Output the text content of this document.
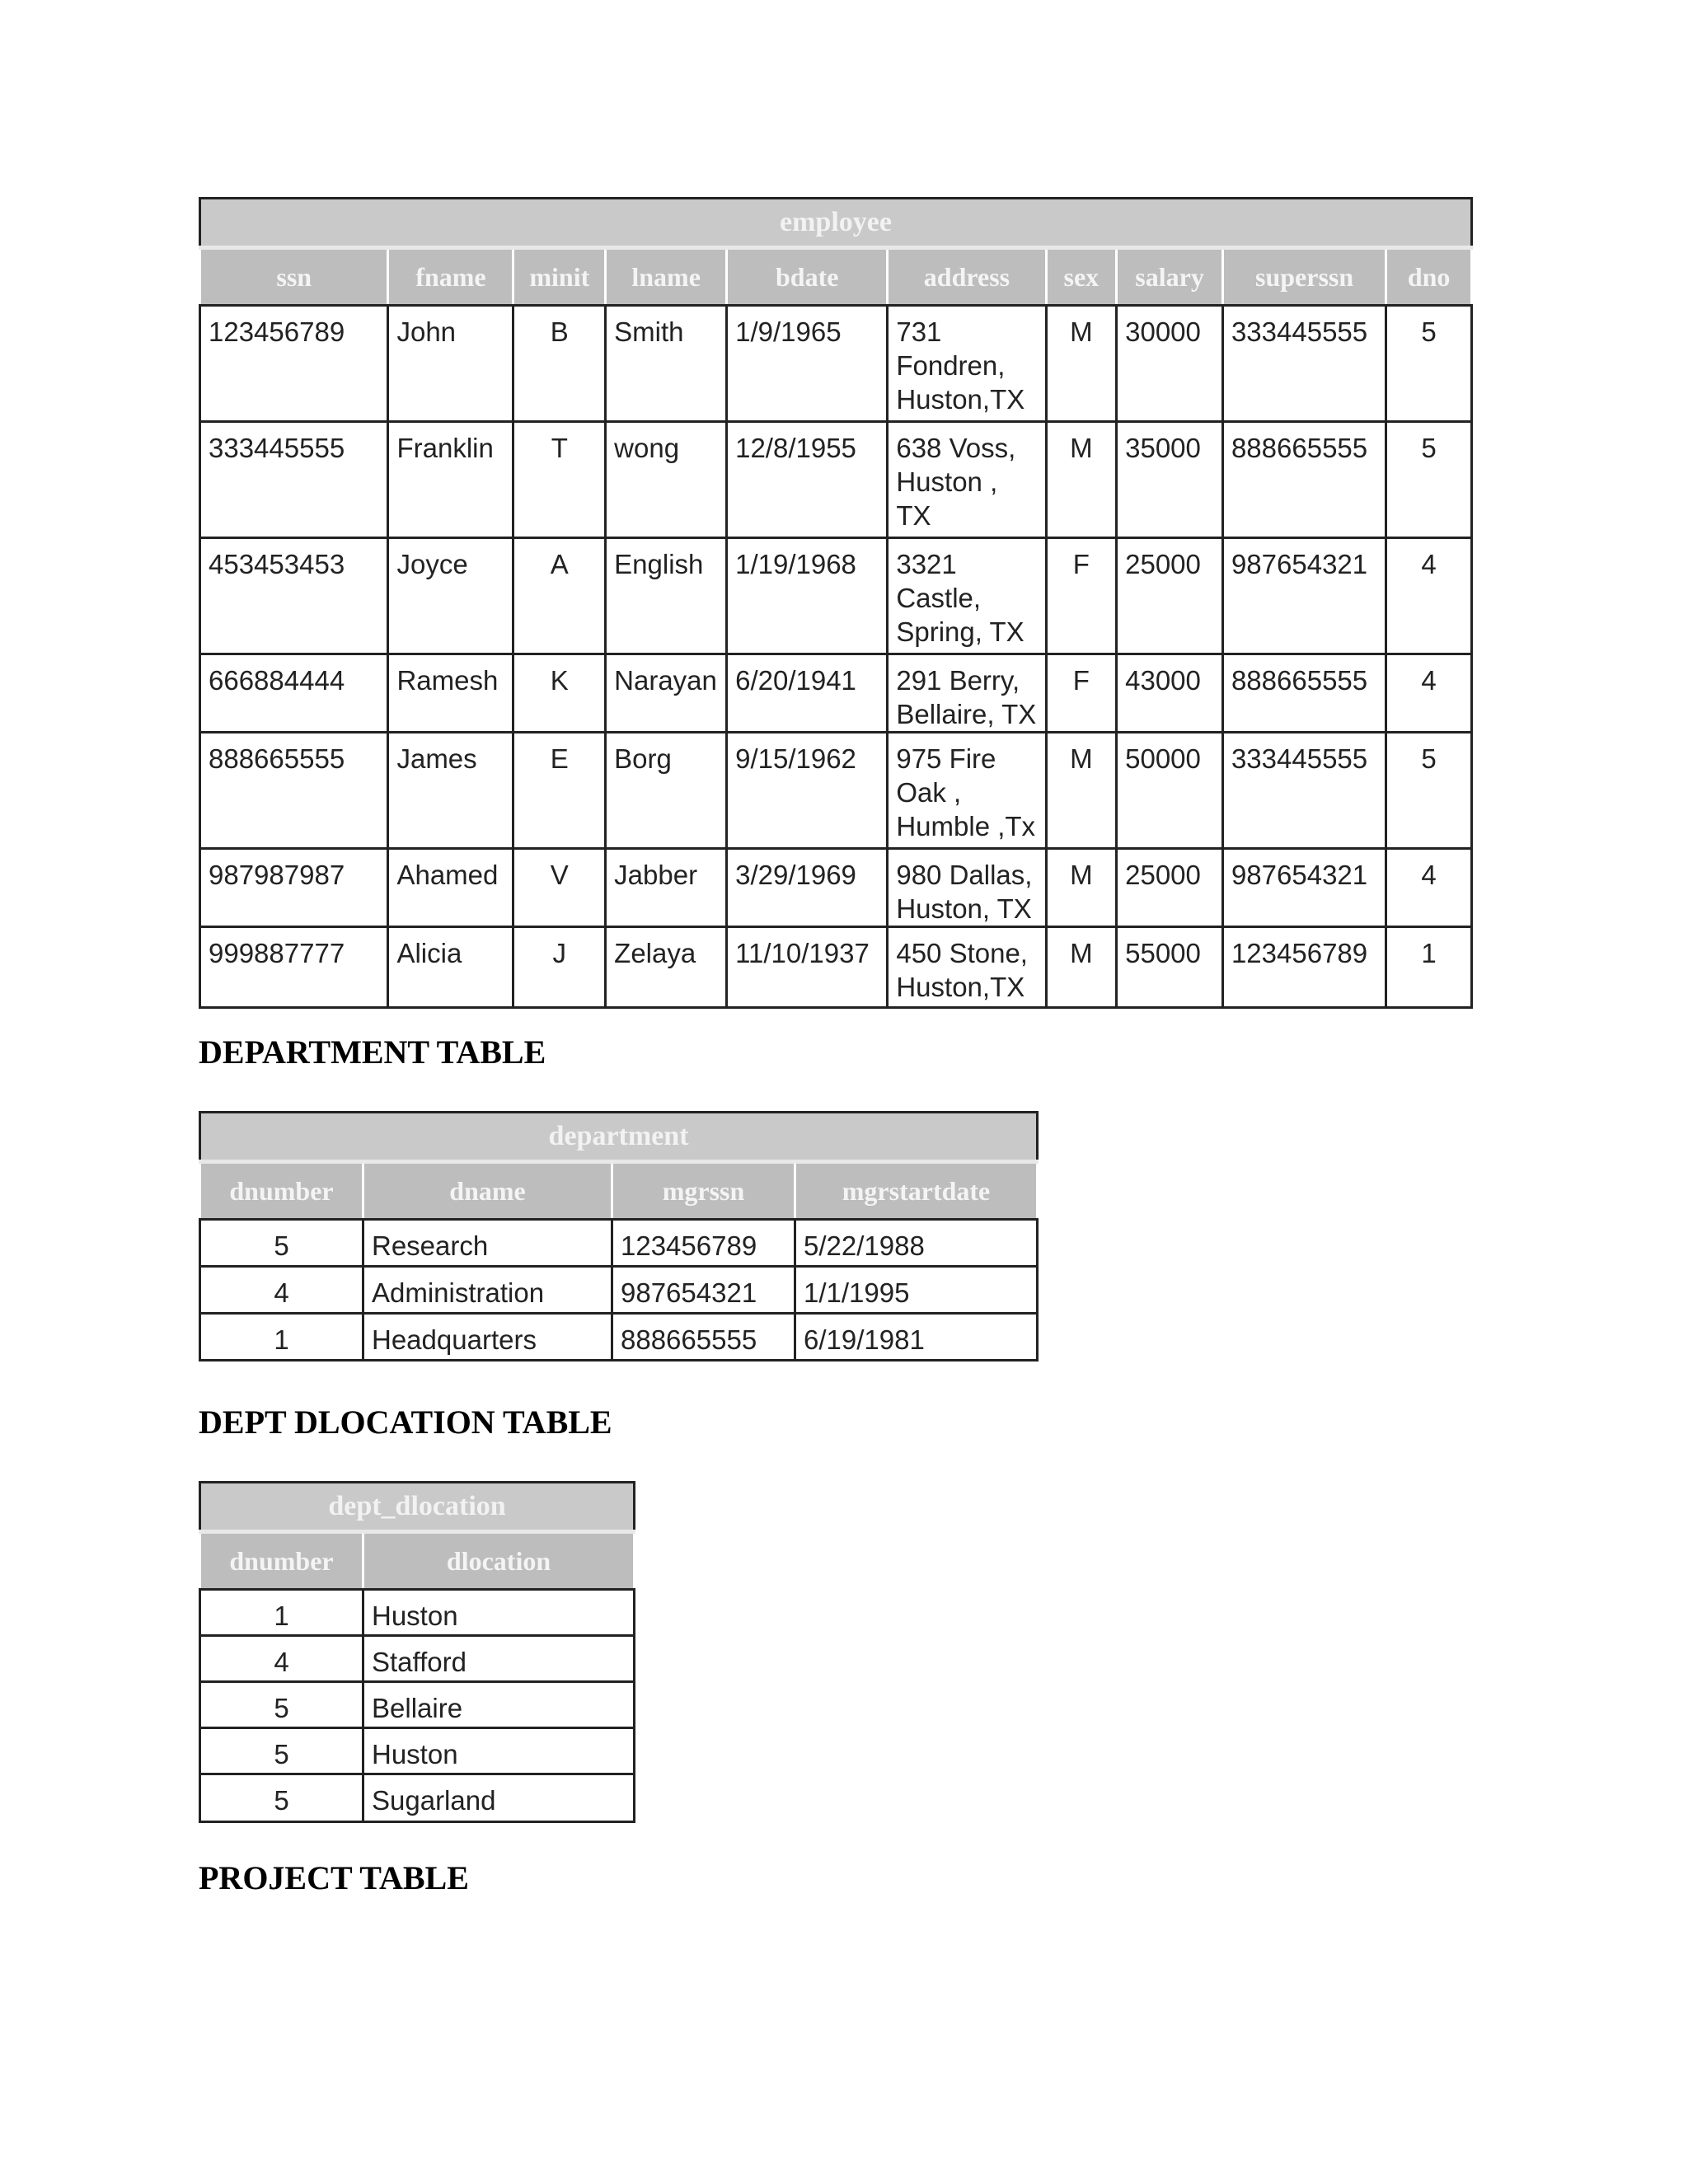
employee									
ssn	fname	minit	lname	bdate	address	sex	salary	superssn	dno
123456789	John	B	Smith	1/9/1965	731 Fondren, Huston,TX	M	30000	333445555	5
333445555	Franklin	T	wong	12/8/1955	638 Voss, Huston , TX	M	35000	888665555	5
453453453	Joyce	A	English	1/19/1968	3321 Castle, Spring, TX	F	25000	987654321	4
666884444	Ramesh	K	Narayan	6/20/1941	291 Berry, Bellaire, TX	F	43000	888665555	4
888665555	James	E	Borg	9/15/1962	975 Fire Oak , Humble ,Tx	M	50000	333445555	5
987987987	Ahamed	V	Jabber	3/29/1969	980 Dallas, Huston, TX	M	25000	987654321	4
999887777	Alicia	J	Zelaya	11/10/1937	450 Stone, Huston,TX	M	55000	123456789	1
DEPARTMENT TABLE
department			
dnumber	dname	mgrssn	mgrstartdate
5	Research	123456789	5/22/1988
4	Administration	987654321	1/1/1995
1	Headquarters	888665555	6/19/1981
DEPT DLOCATION TABLE
dept_dlocation	
dnumber	dlocation
1	Huston
4	Stafford
5	Bellaire
5	Huston
5	Sugarland
PROJECT TABLE
